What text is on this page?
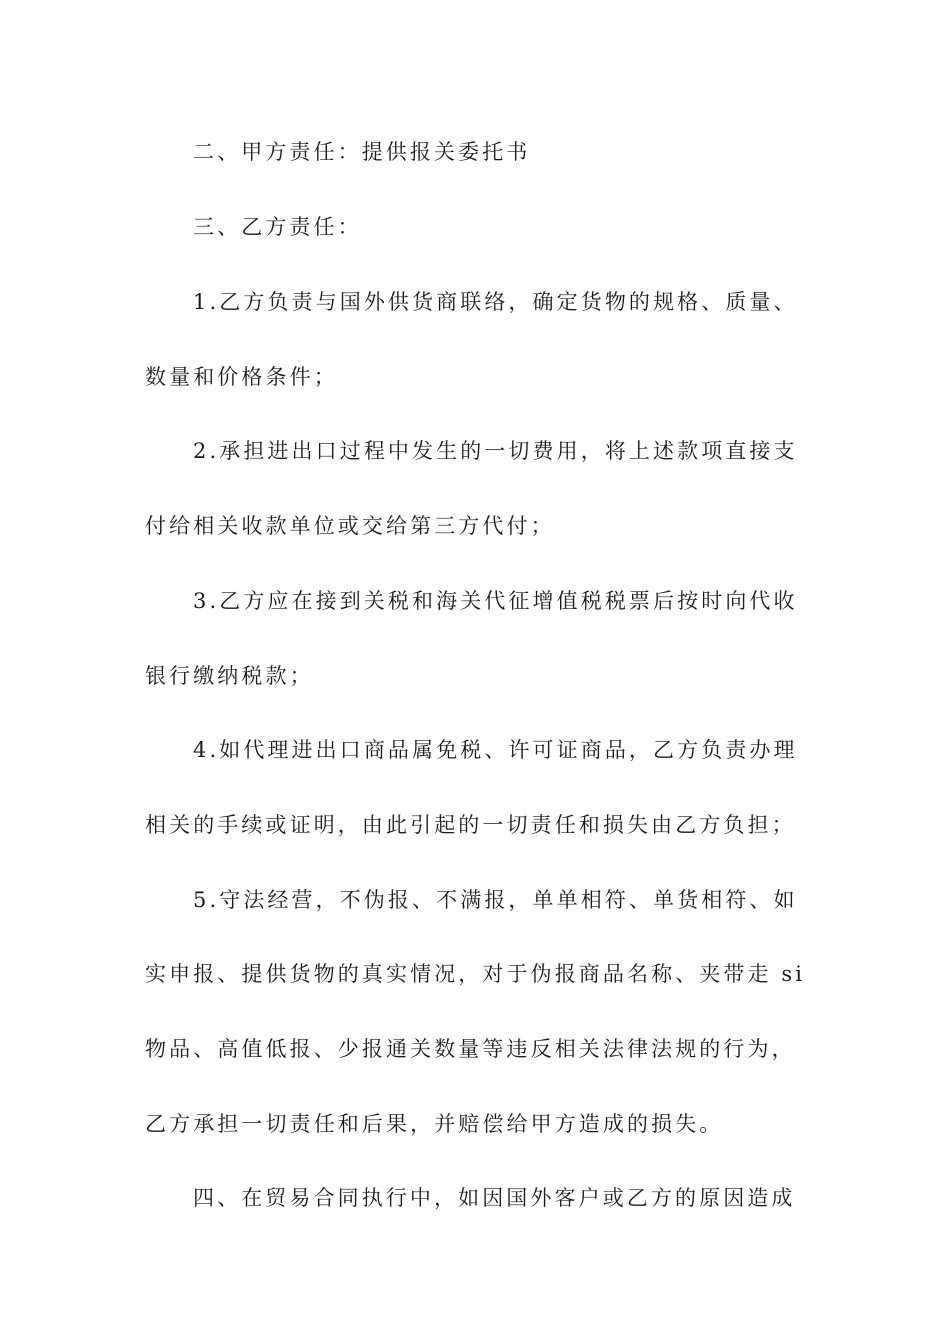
二、甲方责任：提供报关委托书
三、乙方责任：
1.乙方负责与国外供货商联络，确定货物的规格、质量、
数量和价格条件；
2.承担进出口过程中发生的一切费用，将上述款项直接支
付给相关收款单位或交给第三方代付；
3.乙方应在接到关税和海关代征增值税税票后按时向代收
银行缴纳税款；
4.如代理进出口商品属免税、许可证商品，乙方负责办理
相关的手续或证明，由此引起的一切责任和损失由乙方负担；
5.守法经营，不伪报、不满报，单单相符、单货相符、如
实申报、提供货物的真实情况，对于伪报商品名称、夹带走 si
物品、高值低报、少报通关数量等违反相关法律法规的行为，
乙方承担一切责任和后果，并赔偿给甲方造成的损失。
四、在贸易合同执行中，如因国外客户或乙方的原因造成
